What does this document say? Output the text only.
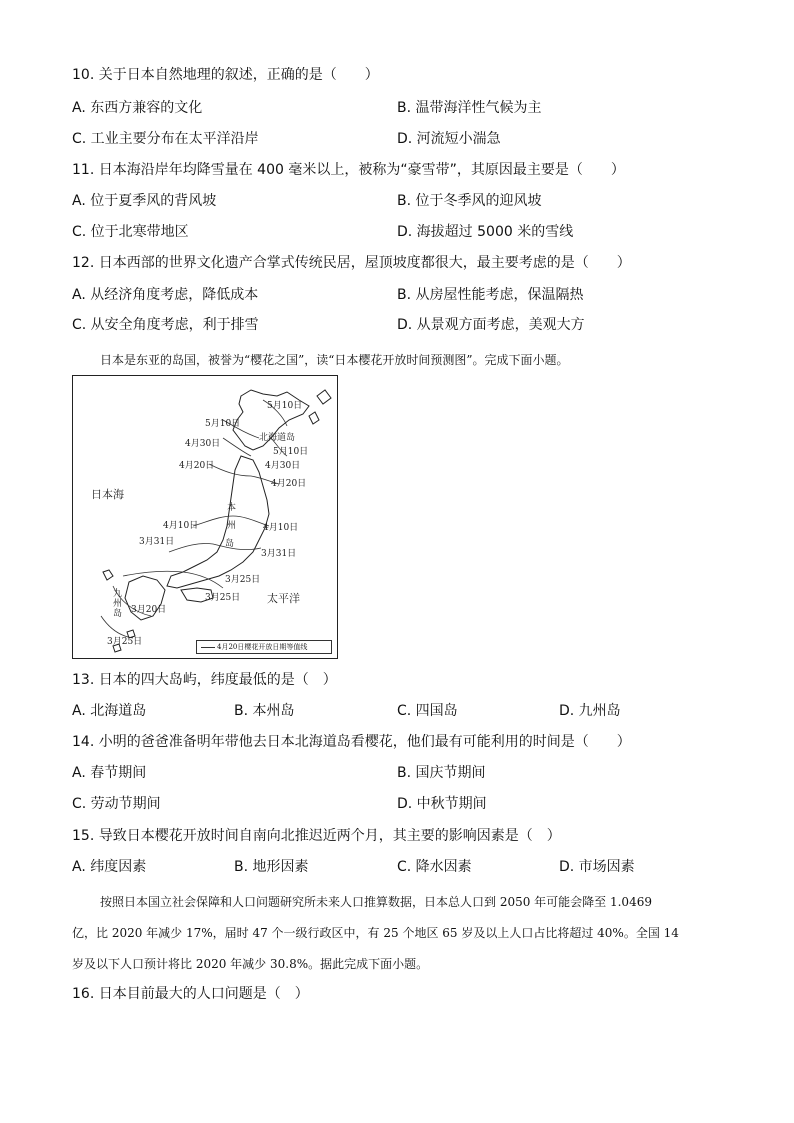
10. 关于日本自然地理的叙述，正确的是（　　）
A. 东西方兼容的文化	B. 温带海洋性气候为主
C. 工业主要分布在太平洋沿岸	D. 河流短小湍急
11. 日本海沿岸年均降雪量在 400 毫米以上，被称为“豪雪带”，其原因最主要是（　　）
A. 位于夏季风的背风坡	B. 位于冬季风的迎风坡
C. 位于北寒带地区	D. 海拔超过 5000 米的雪线
12. 日本西部的世界文化遗产合掌式传统民居，屋顶坡度都很大，最主要考虑的是（　　）
A. 从经济角度考虑，降低成本	B. 从房屋性能考虑，保温隔热
C. 从安全角度考虑，利于排雪	D. 从景观方面考虑，美观大方
日本是东亚的岛国，被誉为“樱花之国”，读“日本樱花开放时间预测图”。完成下面小题。
5月10日
5月10日
4月30日
北海道岛
5月10日
4月30日
4月20日
4月20日
日本海
本
州
岛
4月10日	4月10日
3月31日
3月31日
3月25日
3月25日
九
州
岛 3月20日
太平洋
3月25日	4月20日樱花开放日期等值线
13. 日本的四大岛屿，纬度最低的是（　）
A. 北海道岛	B. 本州岛	C. 四国岛	D. 九州岛
14. 小明的爸爸准备明年带他去日本北海道岛看樱花，他们最有可能利用的时间是（　　）
A. 春节期间	B. 国庆节期间
C. 劳动节期间	D. 中秋节期间
15. 导致日本樱花开放时间自南向北推迟近两个月，其主要的影响因素是（　）
A. 纬度因素	B. 地形因素	C. 降水因素	D. 市场因素
按照日本国立社会保障和人口问题研究所未来人口推算数据，日本总人口到 2050 年可能会降至 1.0469
亿，比 2020 年减少 17%，届时 47 个一级行政区中，有 25 个地区 65 岁及以上人口占比将超过 40%。全国 14
岁及以下人口预计将比 2020 年减少 30.8%。据此完成下面小题。
16. 日本目前最大的人口问题是（　）
